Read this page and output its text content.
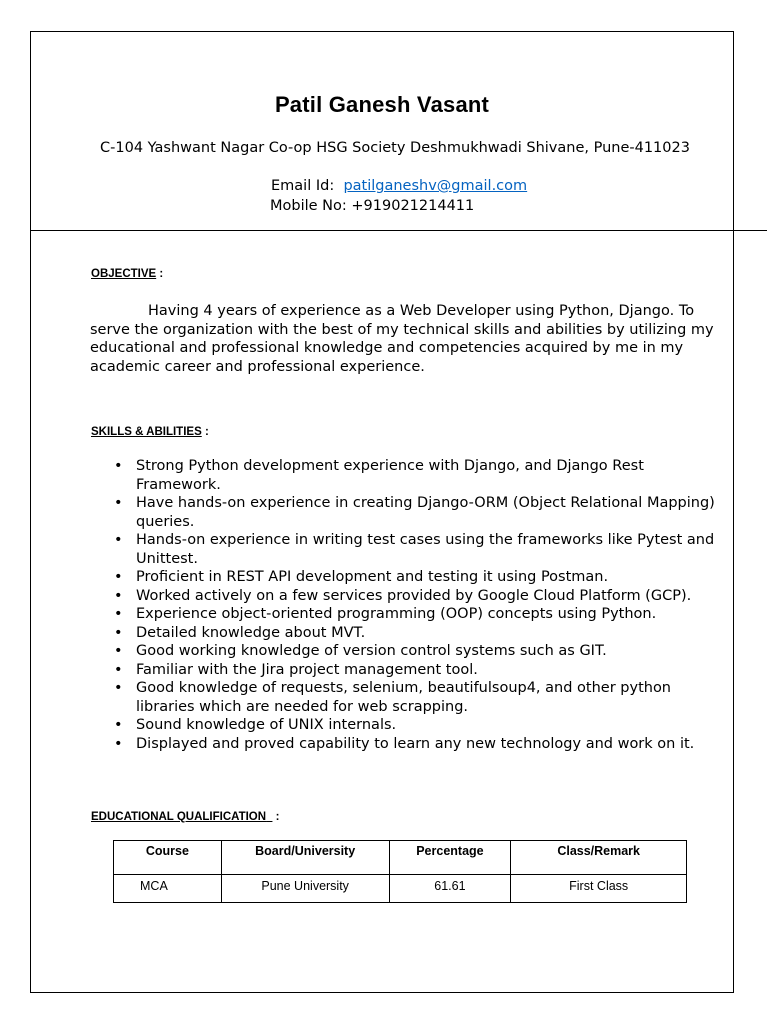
Patil Ganesh Vasant
C-104 Yashwant Nagar Co-op HSG Society Deshmukhwadi Shivane, Pune-411023
Email Id: patilganeshv@gmail.com
Mobile No: +919021214411
OBJECTIVE :
Having 4 years of experience as a Web Developer using Python, Django. To serve the organization with the best of my technical skills and abilities by utilizing my educational and professional knowledge and competencies acquired by me in my academic career and professional experience.
SKILLS & ABILITIES :
• Strong Python development experience with Django, and Django Rest Framework.
• Have hands-on experience in creating Django-ORM (Object Relational Mapping) queries.
• Hands-on experience in writing test cases using the frameworks like Pytest and Unittest.
• Proficient in REST API development and testing it using Postman.
• Worked actively on a few services provided by Google Cloud Platform (GCP).
• Experience object-oriented programming (OOP) concepts using Python.
• Detailed knowledge about MVT.
• Good working knowledge of version control systems such as GIT.
• Familiar with the Jira project management tool.
• Good knowledge of requests, selenium, beautifulsoup4, and other python libraries which are needed for web scrapping.
• Sound knowledge of UNIX internals.
• Displayed and proved capability to learn any new technology and work on it.
EDUCATIONAL QUALIFICATION   :
Course	Board/University	Percentage	Class/Remark
MCA	Pune University	61.61	First Class
